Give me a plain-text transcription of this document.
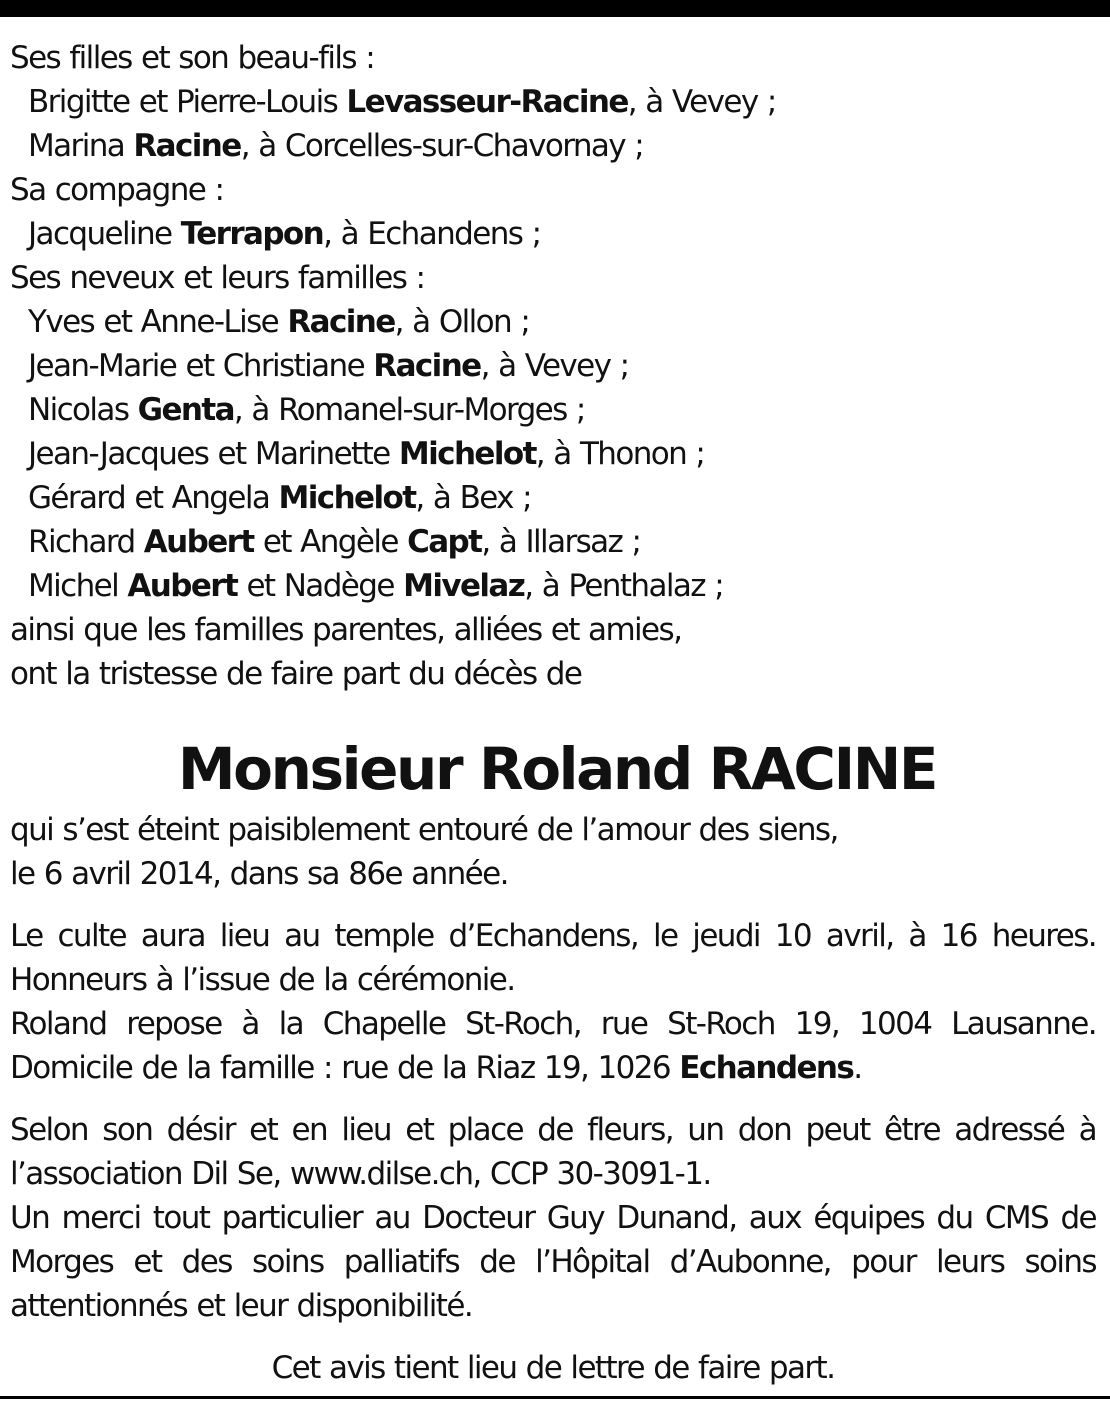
Ses filles et son beau-fils :
Brigitte et Pierre-Louis Levasseur-Racine, à Vevey ;
Marina Racine, à Corcelles-sur-Chavornay ;
Sa compagne :
Jacqueline Terrapon, à Echandens ;
Ses neveux et leurs familles :
Yves et Anne-Lise Racine, à Ollon ;
Jean-Marie et Christiane Racine, à Vevey ;
Nicolas Genta, à Romanel-sur-Morges ;
Jean-Jacques et Marinette Michelot, à Thonon ;
Gérard et Angela Michelot, à Bex ;
Richard Aubert et Angèle Capt, à Illarsaz ;
Michel Aubert et Nadège Mivelaz, à Penthalaz ;
ainsi que les familles parentes, alliées et amies,
ont la tristesse de faire part du décès de
Monsieur Roland RACINE
qui s’est éteint paisiblement entouré de l’amour des siens,
le 6 avril 2014, dans sa 86e année.
Le culte aura lieu au temple d’Echandens, le jeudi 10 avril, à 16 heures.
Honneurs à l’issue de la cérémonie.
Roland repose à la Chapelle St-Roch, rue St-Roch 19, 1004 Lausanne.
Domicile de la famille : rue de la Riaz 19, 1026 Echandens.
Selon son désir et en lieu et place de fleurs, un don peut être adressé à
l’association Dil Se, www.dilse.ch, CCP 30-3091-1.
Un merci tout particulier au Docteur Guy Dunand, aux équipes du CMS de
Morges et des soins palliatifs de l’Hôpital d’Aubonne, pour leurs soins
attentionnés et leur disponibilité.
Cet avis tient lieu de lettre de faire part.
